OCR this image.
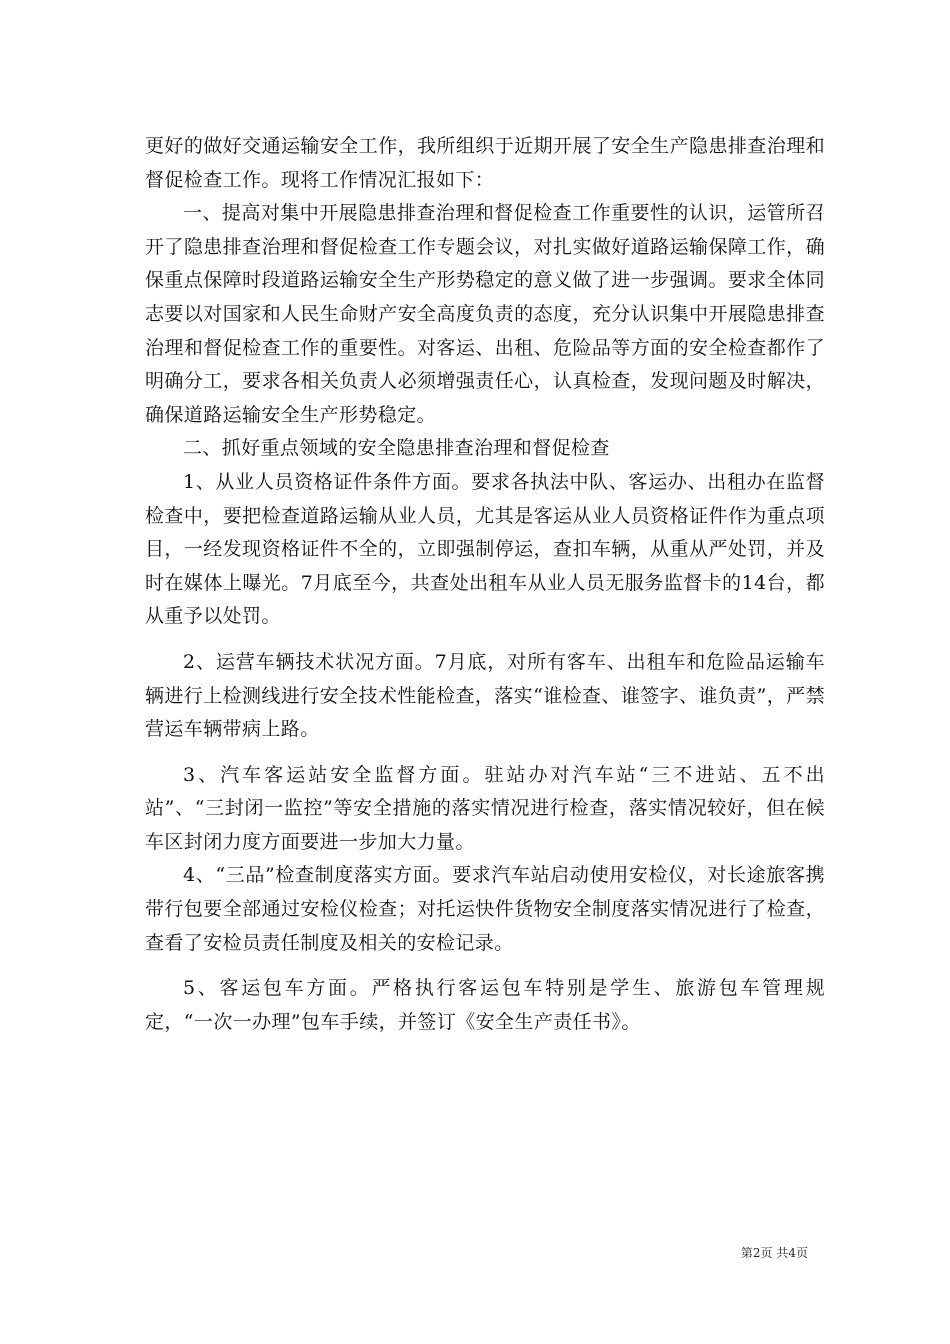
更好的做好交通运输安全工作，我所组织于近期开展了安全生产隐患排查治理和督促检查工作。现将工作情况汇报如下：

一、提高对集中开展隐患排查治理和督促检查工作重要性的认识，运管所召开了隐患排查治理和督促检查工作专题会议，对扎实做好道路运输保障工作，确保重点保障时段道路运输安全生产形势稳定的意义做了进一步强调。要求全体同志要以对国家和人民生命财产安全高度负责的态度，充分认识集中开展隐患排查治理和督促检查工作的重要性。对客运、出租、危险品等方面的安全检查都作了明确分工，要求各相关负责人必须增强责任心，认真检查，发现问题及时解决，确保道路运输安全生产形势稳定。

二、抓好重点领域的安全隐患排查治理和督促检查

1、从业人员资格证件条件方面。要求各执法中队、客运办、出租办在监督检查中，要把检查道路运输从业人员，尤其是客运从业人员资格证件作为重点项目，一经发现资格证件不全的，立即强制停运，查扣车辆，从重从严处罚，并及时在媒体上曝光。7月底至今，共查处出租车从业人员无服务监督卡的14台，都从重予以处罚。

2、运营车辆技术状况方面。7月底，对所有客车、出租车和危险品运输车辆进行上检测线进行安全技术性能检查，落实“谁检查、谁签字、谁负责”，严禁营运车辆带病上路。

3、汽车客运站安全监督方面。驻站办对汽车站“三不进站、五不出站”、“三封闭一监控”等安全措施的落实情况进行检查，落实情况较好，但在候车区封闭力度方面要进一步加大力量。

4、“三品”检查制度落实方面。要求汽车站启动使用安检仪，对长途旅客携带行包要全部通过安检仪检查；对托运快件货物安全制度落实情况进行了检查，查看了安检员责任制度及相关的安检记录。

5、客运包车方面。严格执行客运包车特别是学生、旅游包车管理规定，“一次一办理”包车手续，并签订《安全生产责任书》。

第2页 共4页
